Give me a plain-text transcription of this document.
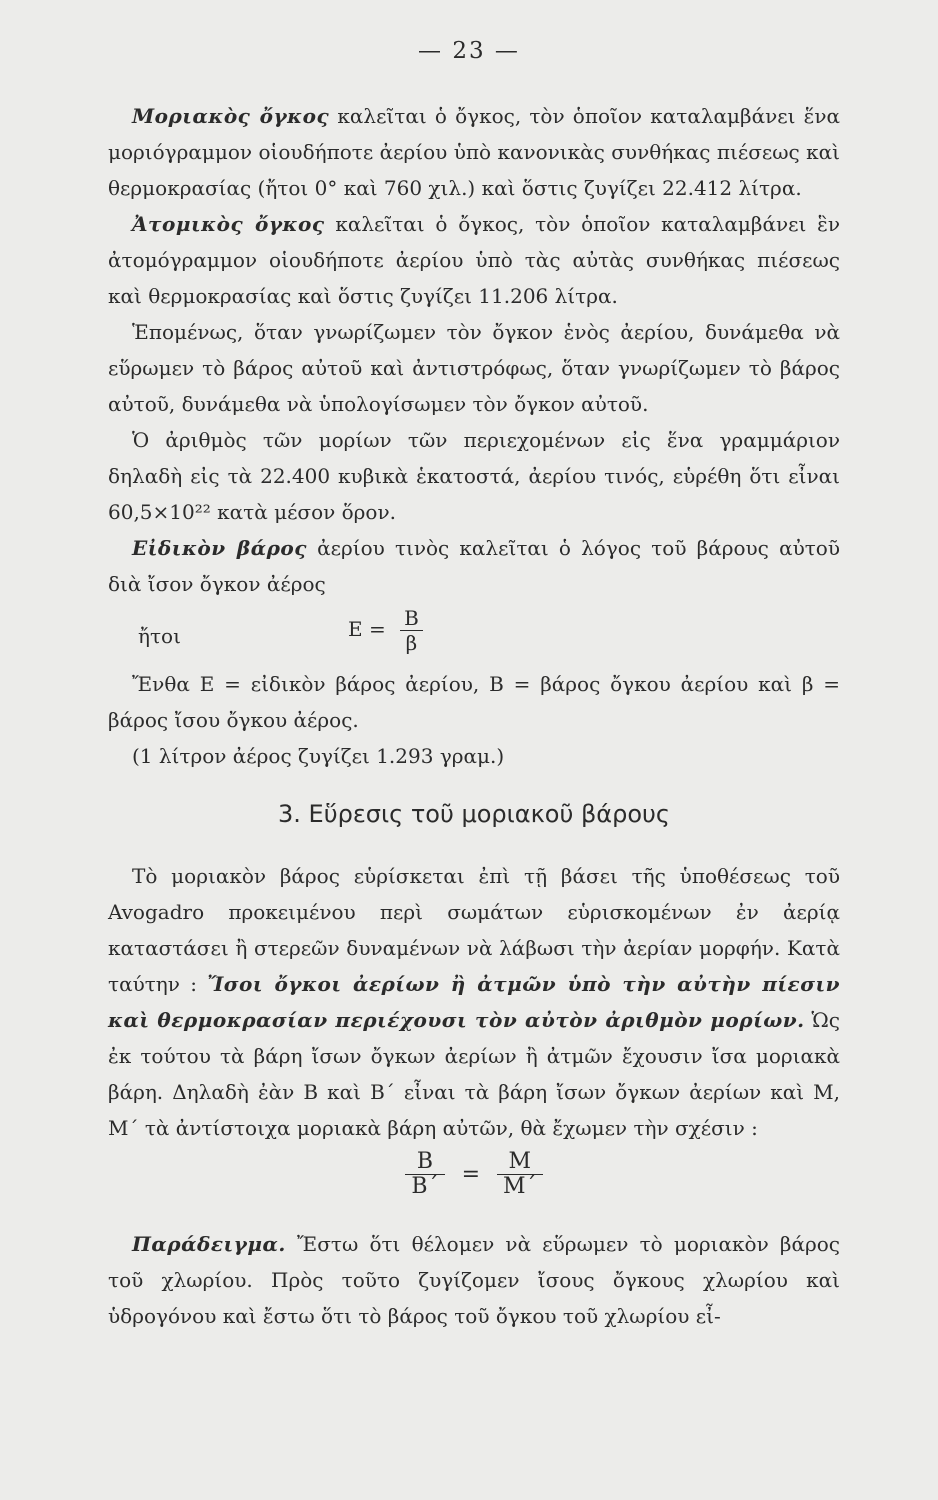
— 23 —

Μοριακὸς ὄγκος καλεῖται ὁ ὄγκος, τὸν ὁποῖον καταλαμβάνει ἕνα μοριόγραμμον οἱουδήποτε ἀερίου ὑπὸ κανονικὰς συνθήκας πιέσεως καὶ θερμοκρασίας (ἤτοι 0° καὶ 760 χιλ.) καὶ ὅστις ζυγίζει 22.412 λίτρα.

Ἀτομικὸς ὄγκος καλεῖται ὁ ὄγκος, τὸν ὁποῖον καταλαμβάνει ἓν ἀτομόγραμμον οἱουδήποτε ἀερίου ὑπὸ τὰς αὐτὰς συνθήκας πιέσεως καὶ θερμοκρασίας καὶ ὅστις ζυγίζει 11.206 λίτρα.

Ἑπομένως, ὅταν γνωρίζωμεν τὸν ὄγκον ἑνὸς ἀερίου, δυνάμεθα νὰ εὕρωμεν τὸ βάρος αὐτοῦ καὶ ἀντιστρόφως, ὅταν γνωρίζωμεν τὸ βάρος αὐτοῦ, δυνάμεθα νὰ ὑπολογίσωμεν τὸν ὄγκον αὐτοῦ.

Ὁ ἀριθμὸς τῶν μορίων τῶν περιεχομένων εἰς ἕνα γραμμάριον δηλαδὴ εἰς τὰ 22.400 κυβικὰ ἑκατοστά, ἀερίου τινός, εὑρέθη ὅτι εἶναι 60,5×10²² κατὰ μέσον ὅρον.

Εἰδικὸν βάρος ἀερίου τινὸς καλεῖται ὁ λόγος τοῦ βάρους αὐτοῦ διὰ ἴσον ὄγκον ἀέρος

ἤτοι	$E = \frac{B}{\beta}$

Ἔνθα Ε = εἰδικὸν βάρος ἀερίου, Β = βάρος ὄγκου ἀερίου καὶ β = βάρος ἴσου ὄγκου ἀέρος.

(1 λίτρον ἀέρος ζυγίζει 1.293 γραμ.)

3. Εὕρεσις τοῦ μοριακοῦ βάρους

Τὸ μοριακὸν βάρος εὑρίσκεται ἐπὶ τῇ βάσει τῆς ὑποθέσεως τοῦ Avogadro προκειμένου περὶ σωμάτων εὑρισκομένων ἐν ἀερίᾳ καταστάσει ἢ στερεῶν δυναμένων νὰ λάβωσι τὴν ἀερίαν μορφήν. Κατὰ ταύτην : Ἴσοι ὄγκοι ἀερίων ἢ ἀτμῶν ὑπὸ τὴν αὐτὴν πίεσιν καὶ θερμοκρασίαν περιέχουσι τὸν αὐτὸν ἀριθμὸν μορίων. Ὡς ἐκ τούτου τὰ βάρη ἴσων ὄγκων ἀερίων ἢ ἀτμῶν ἔχουσιν ἴσα μοριακὰ βάρη. Δηλαδὴ ἐὰν Β καὶ Β΄ εἶναι τὰ βάρη ἴσων ὄγκων ἀερίων καὶ Μ, Μ΄ τὰ ἀντίστοιχα μοριακὰ βάρη αὐτῶν, θὰ ἔχωμεν τὴν σχέσιν :

$\frac{B}{B΄} = \frac{M}{M΄}$

Παράδειγμα. Ἔστω ὅτι θέλομεν νὰ εὕρωμεν τὸ μοριακὸν βάρος τοῦ χλωρίου. Πρὸς τοῦτο ζυγίζομεν ἴσους ὄγκους χλωρίου καὶ ὑδρογόνου καὶ ἔστω ὅτι τὸ βάρος τοῦ ὄγκου τοῦ χλωρίου εἶ-
